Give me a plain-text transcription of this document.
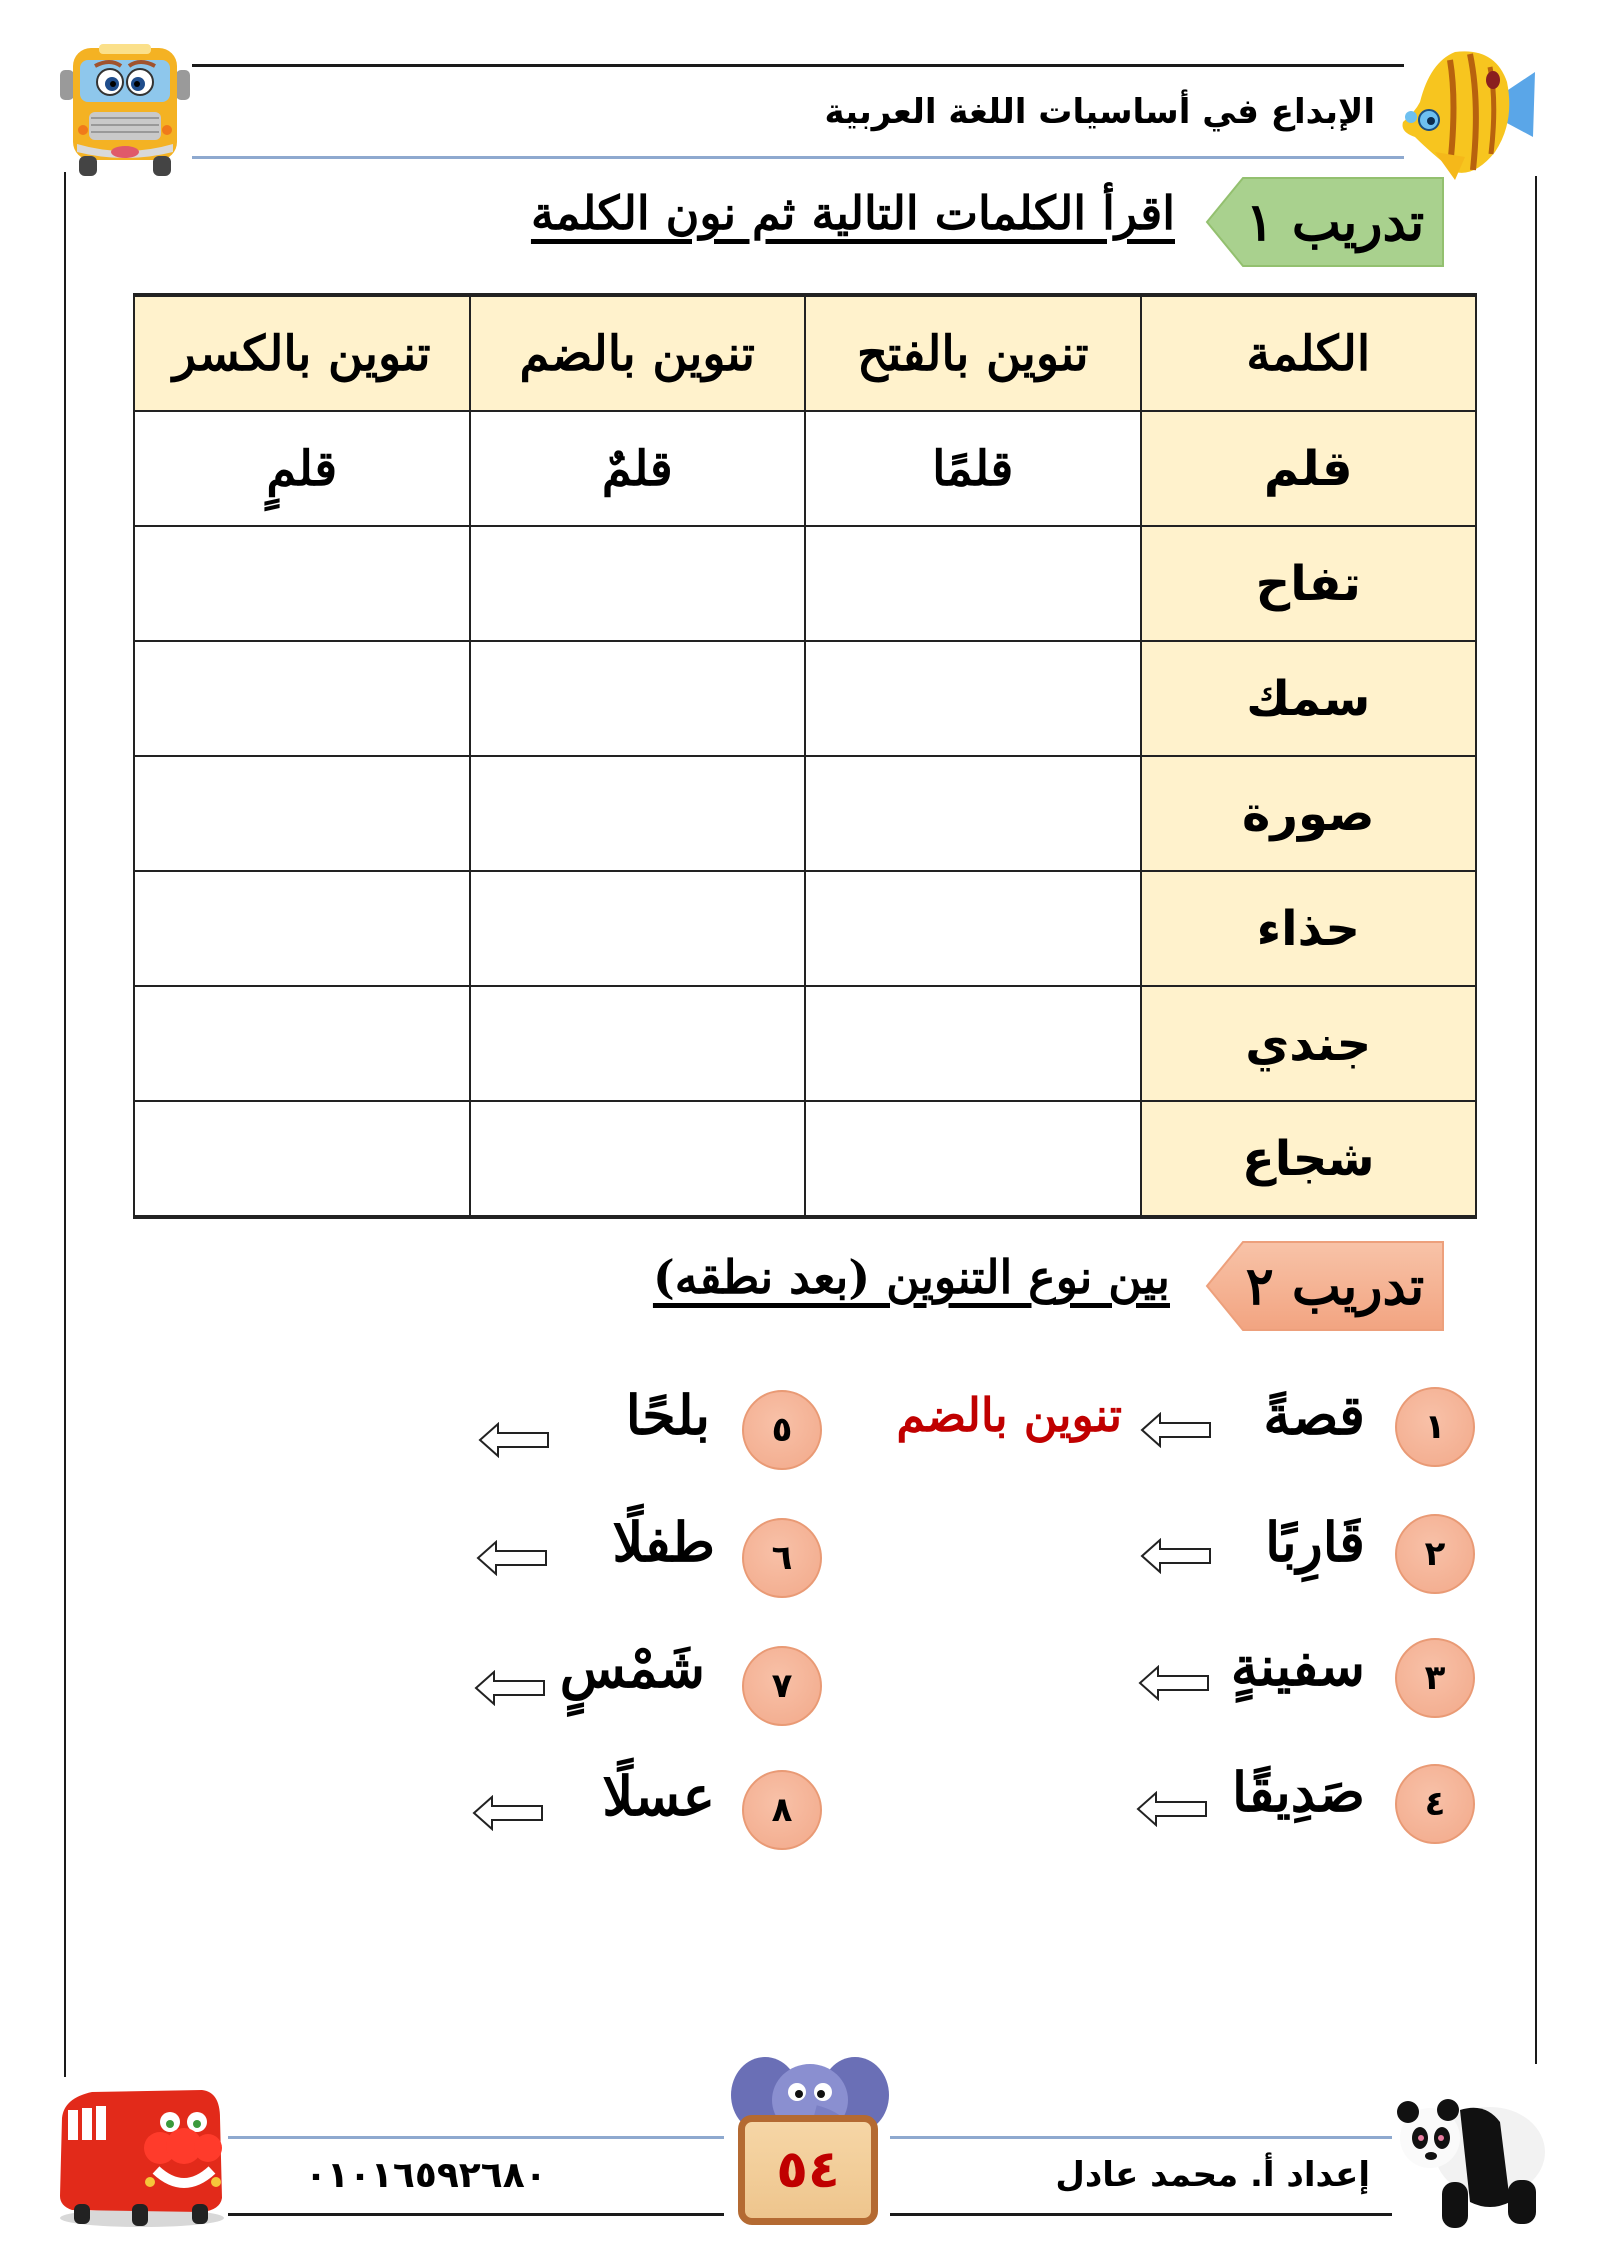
الإبداع في أساسيات اللغة العربية
تدريب ١
اقرأ الكلمات التالية ثم نون الكلمة
الكلمة	تنوين بالفتح	تنوين بالضم	تنوين بالكسر
قلم	قلمًا	قلمٌ	قلمٍ
تفاح			
سمك			
صورة			
حذاء			
جندي			
شجاع			
تدريب ٢
بين نوع التنوين (بعد نطقه)
١
قصةً
تنوين بالضم
٢
قَارِبًا
٣
سفينةٍ
٤
صَدِيقًا
٥
بلحًا
٦
طفلًا
٧
شَمْسٍ
٨
عسلًا
٠١٠١٦٥٩٢٦٨٠	٥٤	إعداد أ. محمد عادل
